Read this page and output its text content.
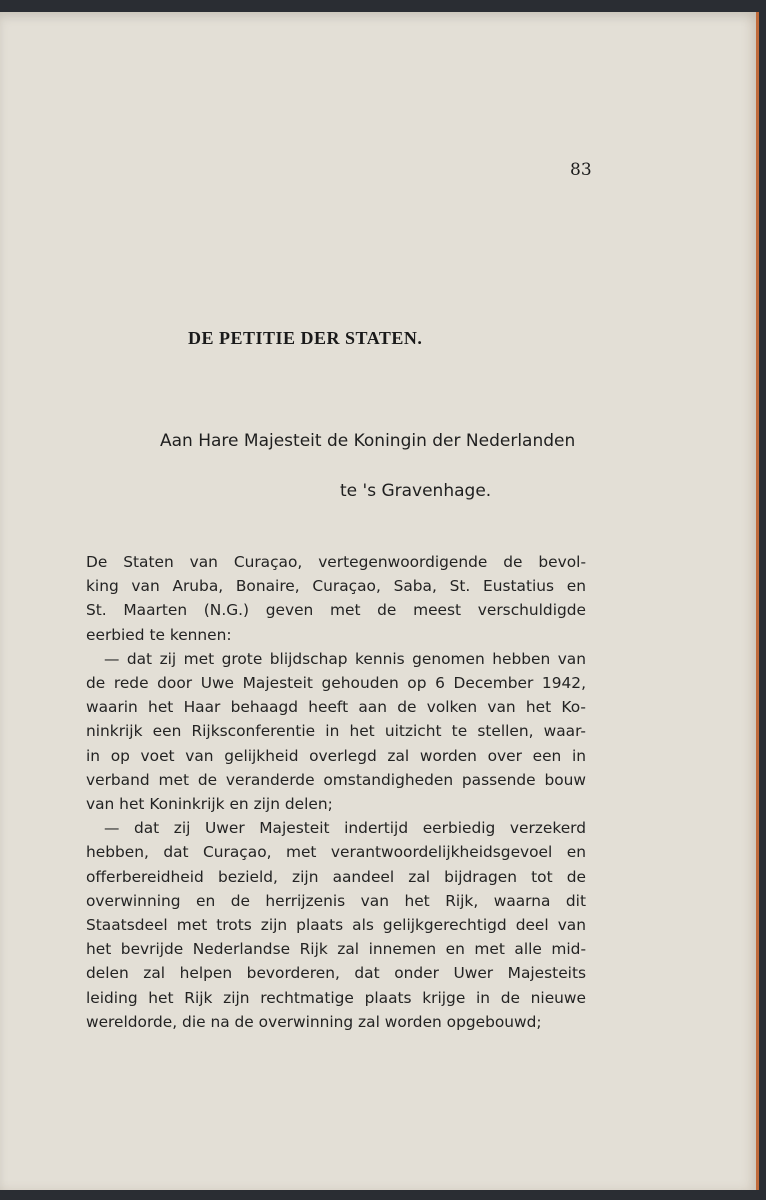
83
DE PETITIE DER STATEN.
Aan Hare Majesteit de Koningin der Nederlanden
te 's Gravenhage.
De Staten van Curaçao, vertegenwoordigende de bevol-
king van Aruba, Bonaire, Curaçao, Saba, St. Eustatius en
St. Maarten (N.G.) geven met de meest verschuldigde
eerbied te kennen:
— dat zij met grote blijdschap kennis genomen hebben van
de rede door Uwe Majesteit gehouden op 6 December 1942,
waarin het Haar behaagd heeft aan de volken van het Ko-
ninkrijk een Rijksconferentie in het uitzicht te stellen, waar-
in op voet van gelijkheid overlegd zal worden over een in
verband met de veranderde omstandigheden passende bouw
van het Koninkrijk en zijn delen;
— dat zij Uwer Majesteit indertijd eerbiedig verzekerd
hebben, dat Curaçao, met verantwoordelijkheidsgevoel en
offerbereidheid bezield, zijn aandeel zal bijdragen tot de
overwinning en de herrijzenis van het Rijk, waarna dit
Staatsdeel met trots zijn plaats als gelijkgerechtigd deel van
het bevrijde Nederlandse Rijk zal innemen en met alle mid-
delen zal helpen bevorderen, dat onder Uwer Majesteits
leiding het Rijk zijn rechtmatige plaats krijge in de nieuwe
wereldorde, die na de overwinning zal worden opgebouwd;
